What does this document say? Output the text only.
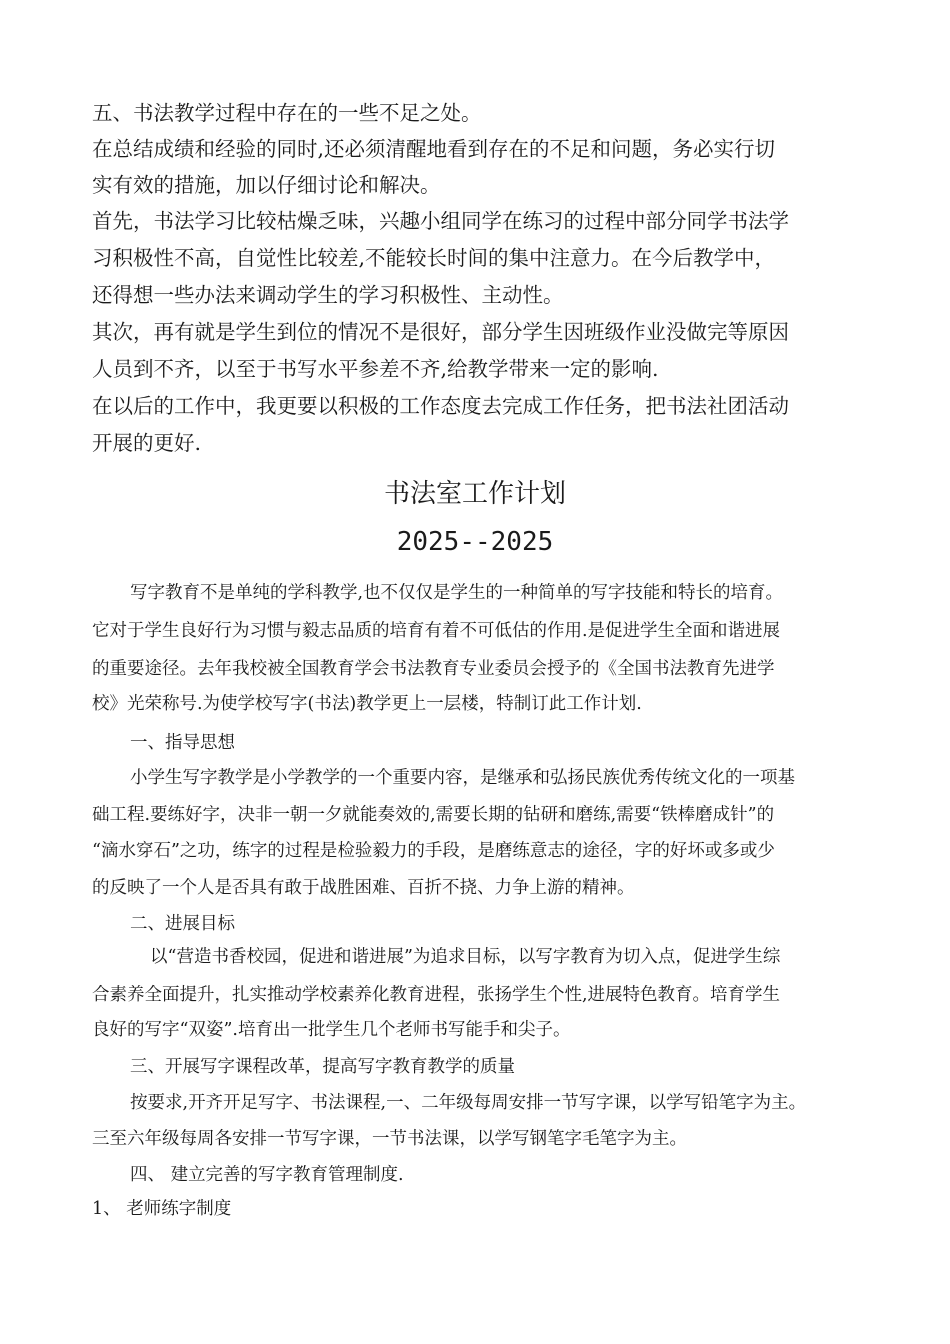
五、书法教学过程中存在的一些不足之处。
在总结成绩和经验的同时,还必须清醒地看到存在的不足和问题，务必实行切
实有效的措施，加以仔细讨论和解决。
首先，书法学习比较枯燥乏味，兴趣小组同学在练习的过程中部分同学书法学
习积极性不高，自觉性比较差,不能较长时间的集中注意力。在今后教学中，
还得想一些办法来调动学生的学习积极性、主动性。
其次，再有就是学生到位的情况不是很好，部分学生因班级作业没做完等原因
人员到不齐，以至于书写水平参差不齐,给教学带来一定的影响.
在以后的工作中，我更要以积极的工作态度去完成工作任务，把书法社团活动
开展的更好.
书法室工作计划
2025--2025
写字教育不是单纯的学科教学,也不仅仅是学生的一种简单的写字技能和特长的培育。
它对于学生良好行为习惯与毅志品质的培育有着不可低估的作用.是促进学生全面和谐进展
的重要途径。去年我校被全国教育学会书法教育专业委员会授予的《全国书法教育先进学
校》光荣称号.为使学校写字(书法)教学更上一层楼，特制订此工作计划.
一、指导思想
小学生写字教学是小学教学的一个重要内容，是继承和弘扬民族优秀传统文化的一项基
础工程.要练好字，决非一朝一夕就能奏效的,需要长期的钻研和磨练,需要“铁棒磨成针”的
“滴水穿石”之功，练字的过程是检验毅力的手段，是磨练意志的途径，字的好坏或多或少
的反映了一个人是否具有敢于战胜困难、百折不挠、力争上游的精神。
二、进展目标
以“营造书香校园，促进和谐进展”为追求目标，以写字教育为切入点，促进学生综
合素养全面提升，扎实推动学校素养化教育进程，张扬学生个性,进展特色教育。培育学生
良好的写字“双姿”.培育出一批学生几个老师书写能手和尖子。
三、开展写字课程改革，提高写字教育教学的质量
按要求,开齐开足写字、书法课程,一、二年级每周安排一节写字课，以学写铅笔字为主。
三至六年级每周各安排一节写字课，一节书法课，以学写钢笔字毛笔字为主。
四、 建立完善的写字教育管理制度.
1、 老师练字制度
